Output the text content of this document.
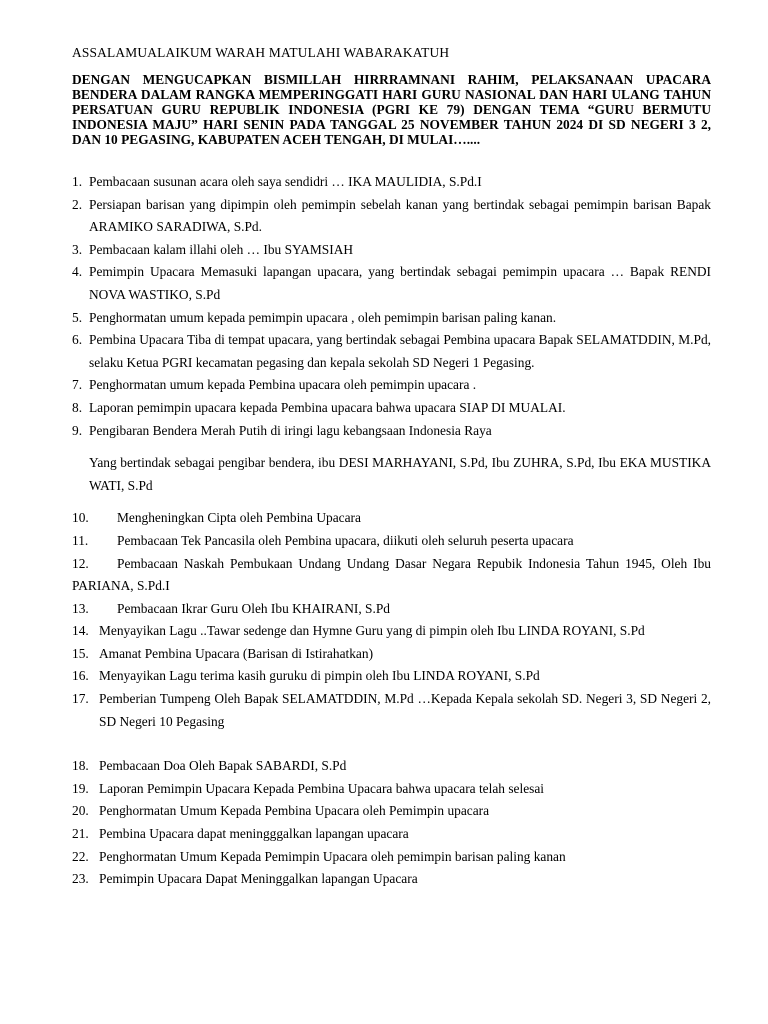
ASSALAMUALAIKUM WARAH MATULAHI WABARAKATUH
DENGAN MENGUCAPKAN BISMILLAH HIRRRAMNANI RAHIM, PELAKSANAAN UPACARA BENDERA DALAM RANGKA MEMPERINGGATI HARI GURU NASIONAL DAN HARI ULANG TAHUN PERSATUAN GURU REPUBLIK INDONESIA (PGRI KE 79) DENGAN TEMA “GURU BERMUTU INDONESIA MAJU” HARI SENIN PADA TANGGAL 25 NOVEMBER TAHUN 2024 DI SD NEGERI 3 2, DAN 10 PEGASING, KABUPATEN ACEH TENGAH, DI MULAI…....
1. Pembacaan susunan acara oleh saya sendidri … IKA MAULIDIA, S.Pd.I
2. Persiapan barisan yang dipimpin oleh pemimpin sebelah kanan yang bertindak sebagai pemimpin barisan Bapak ARAMIKO SARADIWA, S.Pd.
3. Pembacaan kalam illahi oleh … Ibu SYAMSIAH
4. Pemimpin Upacara Memasuki lapangan upacara, yang bertindak sebagai pemimpin upacara … Bapak RENDI NOVA WASTIKO, S.Pd
5. Penghormatan umum kepada pemimpin upacara , oleh pemimpin barisan paling kanan.
6. Pembina Upacara Tiba di tempat upacara, yang bertindak sebagai Pembina upacara Bapak SELAMATDDIN, M.Pd, selaku Ketua PGRI kecamatan pegasing dan kepala sekolah SD Negeri 1 Pegasing.
7. Penghormatan umum kepada Pembina upacara oleh pemimpin upacara .
8. Laporan pemimpin upacara kepada Pembina upacara bahwa upacara SIAP DI MUALAI.
9. Pengibaran Bendera Merah Putih di iringi lagu kebangsaan Indonesia Raya
Yang bertindak sebagai pengibar bendera, ibu DESI MARHAYANI, S.Pd, Ibu ZUHRA, S.Pd, Ibu EKA MUSTIKA WATI, S.Pd
10. Mengheningkan Cipta oleh Pembina Upacara
11. Pembacaan Tek Pancasila oleh Pembina upacara, diikuti oleh seluruh peserta upacara
12. Pembacaan Naskah Pembukaan Undang Undang Dasar Negara Repubik Indonesia Tahun 1945, Oleh Ibu PARIANA, S.Pd.I
13. Pembacaan Ikrar Guru Oleh Ibu KHAIRANI, S.Pd
14. Menyayikan Lagu ..Tawar sedenge dan Hymne Guru yang di pimpin oleh Ibu LINDA ROYANI, S.Pd
15. Amanat Pembina Upacara (Barisan di Istirahatkan)
16. Menyayikan Lagu terima kasih guruku di pimpin oleh Ibu LINDA ROYANI, S.Pd
17. Pemberian Tumpeng Oleh Bapak SELAMATDDIN, M.Pd …Kepada Kepala sekolah SD. Negeri 3, SD Negeri 2, SD Negeri 10 Pegasing
18. Pembacaan Doa Oleh Bapak SABARDI, S.Pd
19. Laporan Pemimpin Upacara Kepada Pembina Upacara bahwa upacara telah selesai
20. Penghormatan Umum Kepada Pembina Upacara oleh Pemimpin upacara
21. Pembina Upacara dapat meningggalkan lapangan upacara
22. Penghormatan Umum Kepada Pemimpin Upacara oleh pemimpin barisan paling kanan
23. Pemimpin Upacara Dapat Meninggalkan lapangan Upacara
